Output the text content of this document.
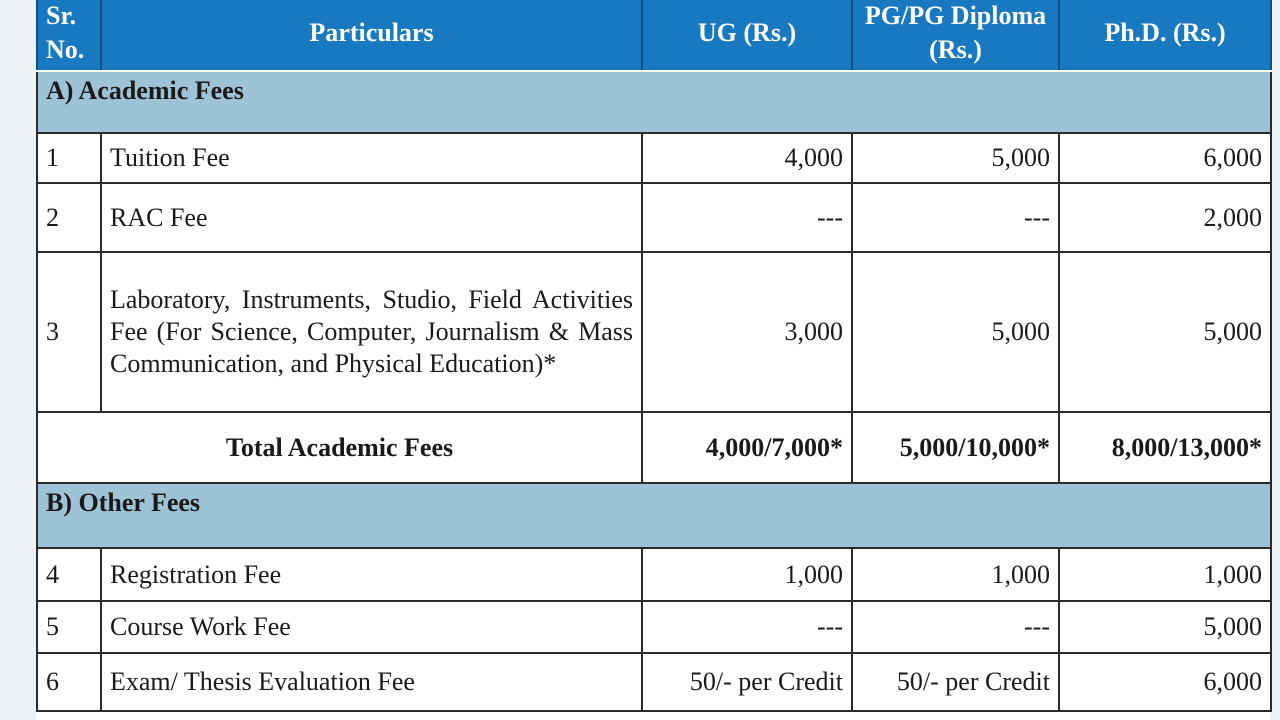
Sr. No.	Particulars	UG (Rs.)	PG/PG Diploma (Rs.)	Ph.D. (Rs.)
A) Academic Fees				
1	Tuition Fee	4,000	5,000	6,000
2	RAC Fee	---	---	2,000
3	Laboratory, Instruments, Studio, Field Activities Fee (For Science, Computer, Journalism & Mass Communication, and Physical Education)*	3,000	5,000	5,000
Total Academic Fees		4,000/7,000*	5,000/10,000*	8,000/13,000*
B) Other Fees				
4	Registration Fee	1,000	1,000	1,000
5	Course Work Fee	---	---	5,000
6	Exam/ Thesis Evaluation Fee	50/- per Credit	50/- per Credit	6,000
